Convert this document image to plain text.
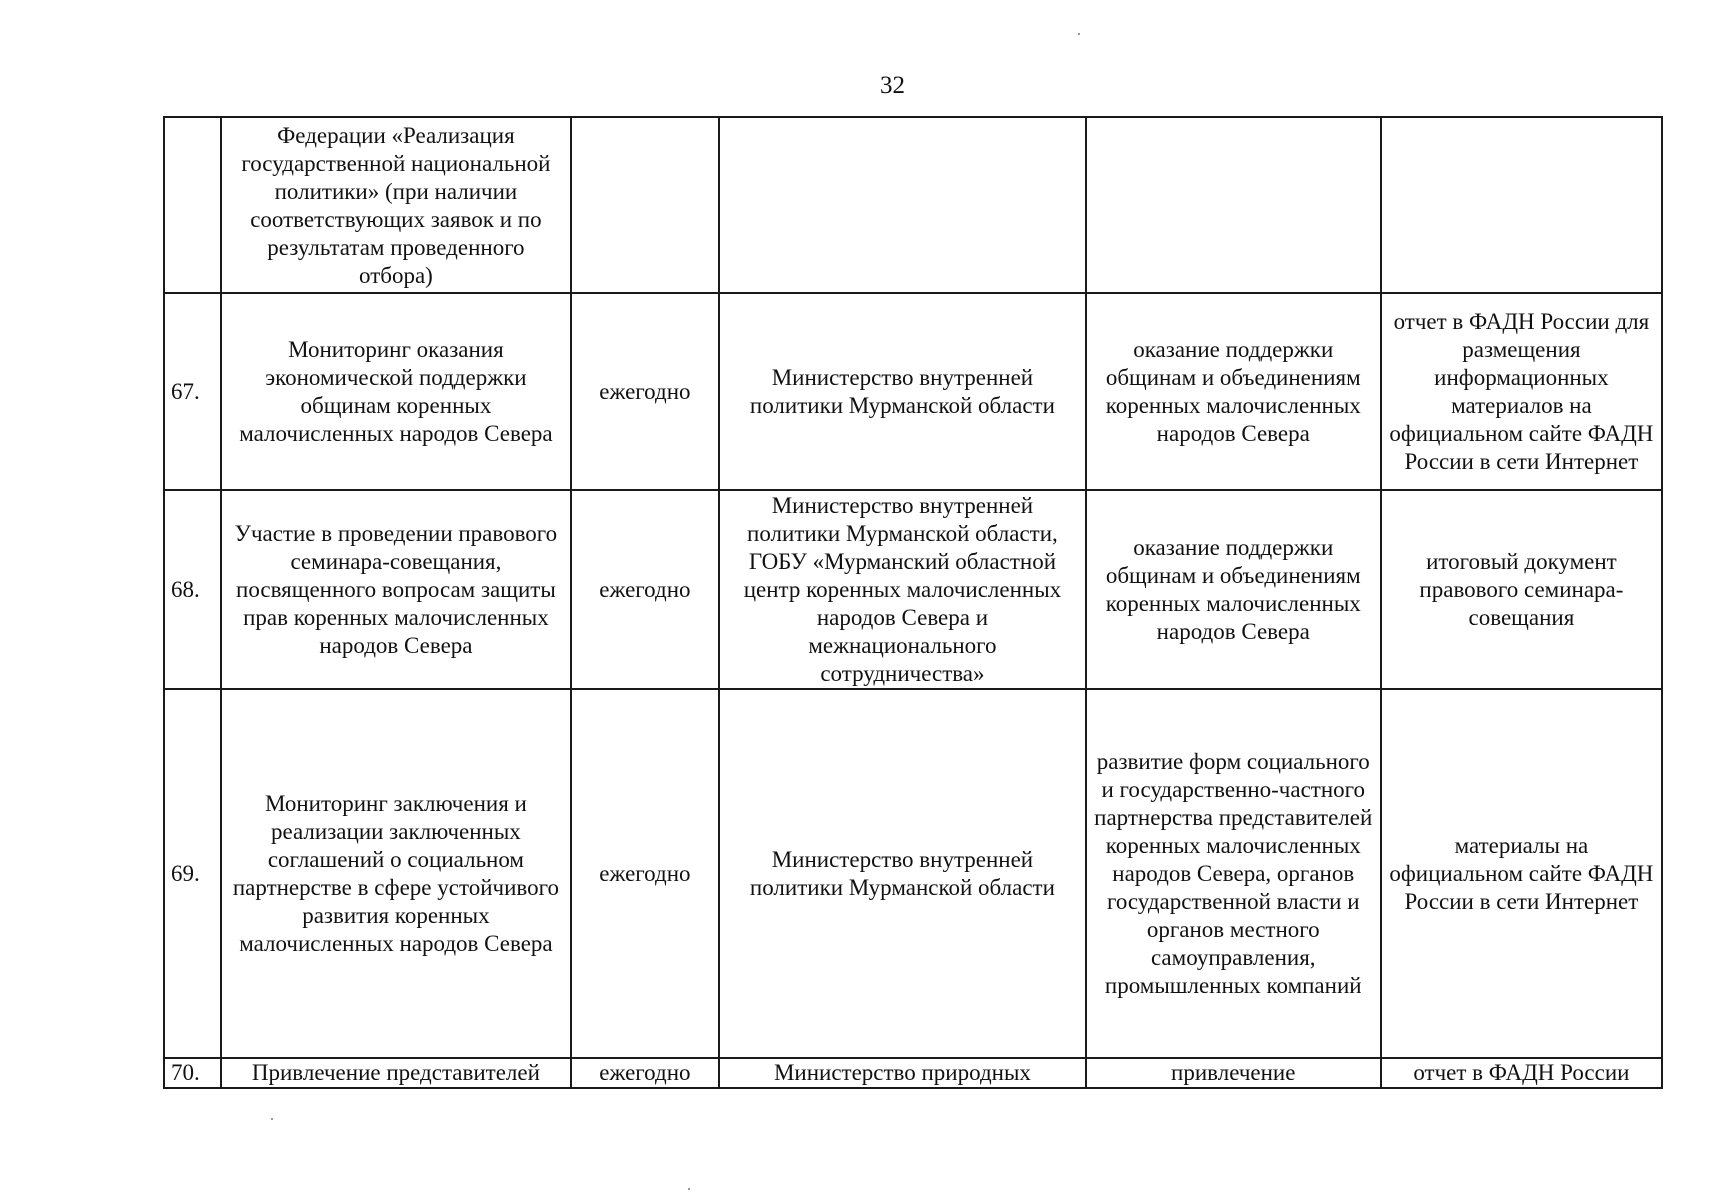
32
	Федерации «Реализация государственной национальной политики» (при наличии соответствующих заявок и по результатам проведенного отбора)				
67.	Мониторинг оказания экономической поддержки общинам коренных малочисленных народов Севера	ежегодно	Министерство внутренней политики Мурманской области	оказание поддержки общинам и объединениям коренных малочисленных народов Севера	отчет в ФАДН России для размещения информационных материалов на официальном сайте ФАДН России в сети Интернет
68.	Участие в проведении правового семинара-совещания, посвященного вопросам защиты прав коренных малочисленных народов Севера	ежегодно	Министерство внутренней политики Мурманской области, ГОБУ «Мурманский областной центр коренных малочисленных народов Севера и межнационального сотрудничества»	оказание поддержки общинам и объединениям коренных малочисленных народов Севера	итоговый документ правового семинара-совещания
69.	Мониторинг заключения и реализации заключенных соглашений о социальном партнерстве в сфере устойчивого развития коренных малочисленных народов Севера	ежегодно	Министерство внутренней политики Мурманской области	развитие форм социального и государственно-частного партнерства представителей коренных малочисленных народов Севера, органов государственной власти и органов местного самоуправления, промышленных компаний	материалы на официальном сайте ФАДН России в сети Интернет
70.	Привлечение представителей	ежегодно	Министерство природных	привлечение	отчет в ФАДН России
